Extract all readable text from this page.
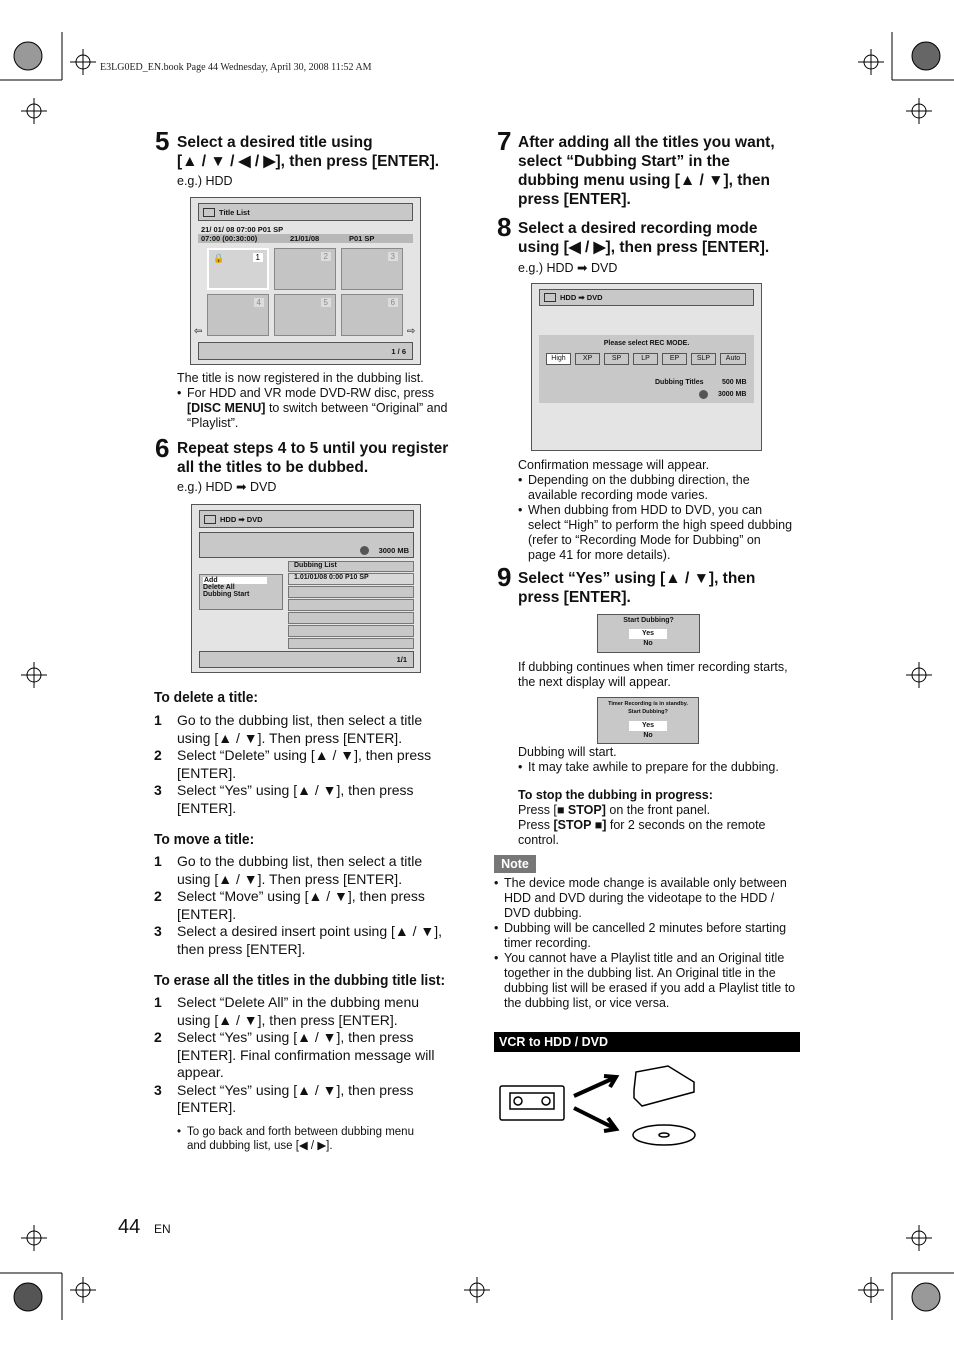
E3LG0ED_EN.book Page 44 Wednesday, April 30, 2008 11:52 AM
5 Select a desired title using
[▲ / ▼ / ◀ / ▶], then press [ENTER].
e.g.) HDD
Title List
21/ 01/ 08 07:00 P01 SP
07:00 (00:30:00)	21/01/08	P01 SP
🔒	1	2	3
4	5	6
⇦	⇨
1 / 6
The title is now registered in the dubbing list.
• For HDD and VR mode DVD-RW disc, press
[DISC MENU] to switch between “Original” and
“Playlist”.
6 Repeat steps 4 to 5 until you register
all the titles to be dubbed.
e.g.) HDD ➡ DVD
HDD ➡ DVD
3000 MB
Dubbing List
1.01/01/08 0:00 P10 SP
Add
Delete All
Dubbing Start
1/1
To delete a title:
1 Go to the dubbing list, then select a title
using [▲ / ▼]. Then press [ENTER].
2 Select “Delete” using [▲ / ▼], then press
[ENTER].
3 Select “Yes” using [▲ / ▼], then press
[ENTER].
To move a title:
1 Go to the dubbing list, then select a title
using [▲ / ▼]. Then press [ENTER].
2 Select “Move” using [▲ / ▼], then press
[ENTER].
3 Select a desired insert point using [▲ / ▼],
then press [ENTER].
To erase all the titles in the dubbing title list:
1 Select “Delete All” in the dubbing menu
using [▲ / ▼], then press [ENTER].
2 Select “Yes” using [▲ / ▼], then press
[ENTER]. Final confirmation message will
appear.
3 Select “Yes” using [▲ / ▼], then press
[ENTER].
• To go back and forth between dubbing menu
and dubbing list, use [◀ / ▶].
7 After adding all the titles you want,
select “Dubbing Start” in the
dubbing menu using [▲ / ▼], then
press [ENTER].
8 Select a desired recording mode
using [◀ / ▶], then press [ENTER].
e.g.) HDD ➡ DVD
HDD ➡ DVD
Please select REC MODE.
High	XP	SP	LP	EP	SLP	Auto
Dubbing Titles	500 MB
3000 MB
Confirmation message will appear.
• Depending on the dubbing direction, the
available recording mode varies.
• When dubbing from HDD to DVD, you can
select “High” to perform the high speed dubbing
(refer to “Recording Mode for Dubbing” on
page 41 for more details).
9 Select “Yes” using [▲ / ▼], then
press [ENTER].
Start Dubbing?
Yes
No
If dubbing continues when timer recording starts,
the next display will appear.
Timer Recording is in standby.
Start Dubbing?
Yes
No
Dubbing will start.
• It may take awhile to prepare for the dubbing.
To stop the dubbing in progress:
Press [■ STOP] on the front panel.
Press [STOP ■] for 2 seconds on the remote
control.
Note
• The device mode change is available only between
HDD and DVD during the videotape to the HDD /
DVD dubbing.
• Dubbing will be cancelled 2 minutes before starting
timer recording.
• You cannot have a Playlist title and an Original title
together in the dubbing list. An Original title in the
dubbing list will be erased if you add a Playlist title to
the dubbing list, or vice versa.
VCR to HDD / DVD
44 EN
